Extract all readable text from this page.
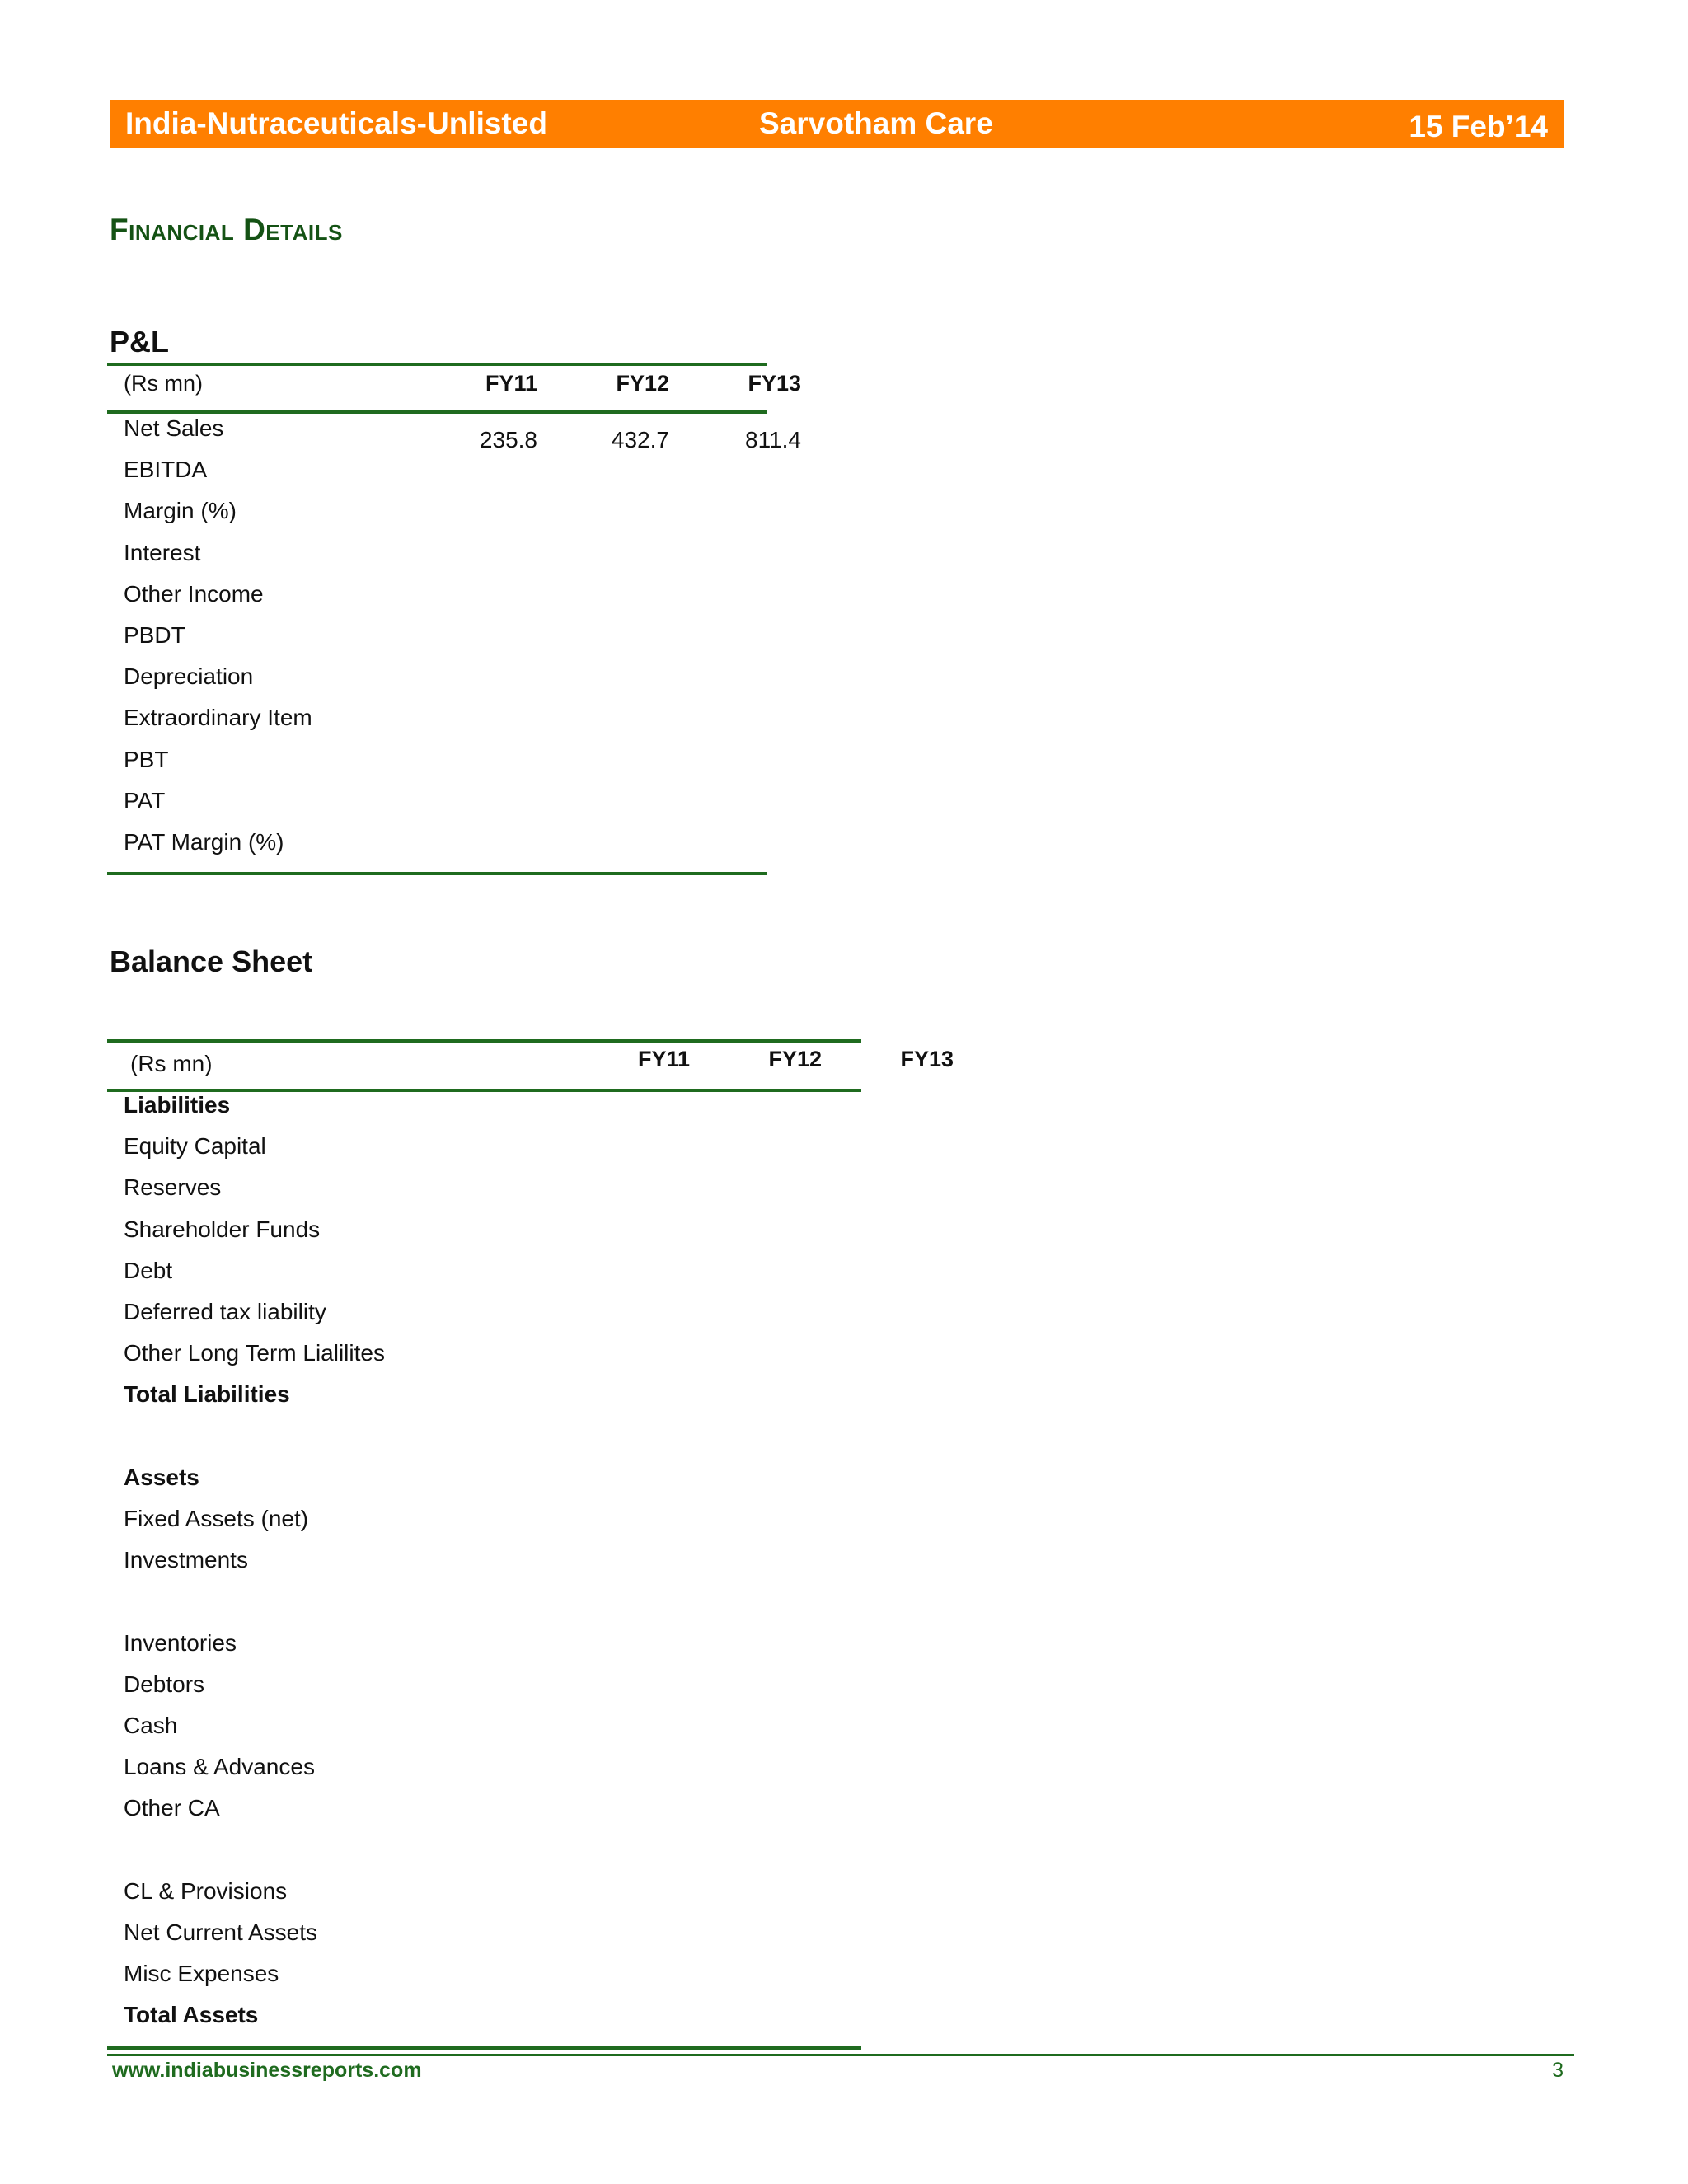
India-Nutraceuticals-Unlisted	Sarvotham Care	15 Feb’14
Financial Details
P&L
(Rs mn)	FY11	FY12	FY13
Net Sales	235.8	432.7	811.4
EBITDA
Margin (%)
Interest
Other Income
PBDT
Depreciation
Extraordinary Item
PBT
PAT
PAT Margin (%)
Balance Sheet
(Rs mn)	FY11	FY12	FY13
Liabilities
Equity Capital
Reserves
Shareholder Funds
Debt
Deferred tax liability
Other Long Term Lialilites
Total Liabilities
Assets
Fixed Assets (net)
Investments
Inventories
Debtors
Cash
Loans & Advances
Other CA
CL & Provisions
Net Current Assets
Misc Expenses
Total Assets
www.indiabusinessreports.com	3
